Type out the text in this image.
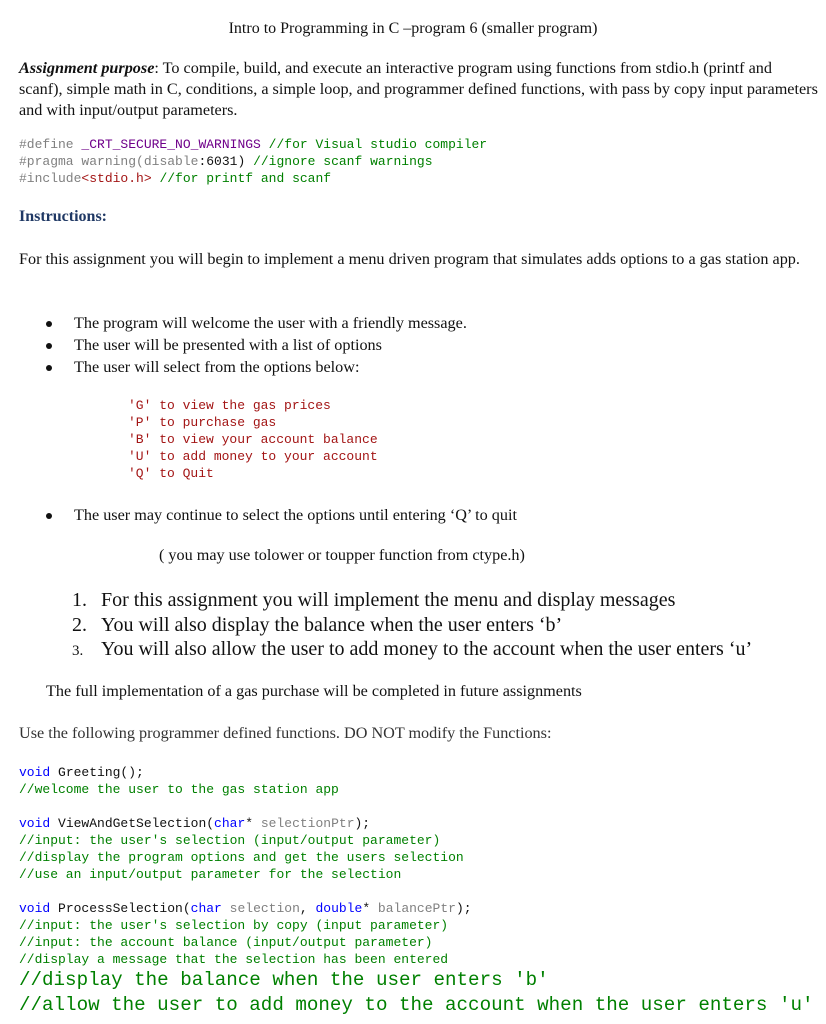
Intro to Programming in C –program 6 (smaller program)
Assignment purpose: To compile, build, and execute an interactive program using functions from stdio.h (printf and scanf), simple math in C, conditions, a simple loop, and programmer defined functions, with pass by copy input parameters and with input/output parameters.
#define _CRT_SECURE_NO_WARNINGS //for Visual studio compiler
#pragma warning(disable:6031) //ignore scanf warnings
#include<stdio.h> //for printf and scanf
Instructions:
For this assignment you will begin to implement a menu driven program that simulates adds options to a gas station app.
The program will welcome the user with a friendly message.
The user will be presented with a list of options
The user will select from the options below:
'G' to view the gas prices
'P' to purchase gas
'B' to view your account balance
'U' to add money to your account
'Q' to Quit
The user may continue to select the options until entering ‘Q’ to quit
( you may use tolower or toupper function from ctype.h)
1. For this assignment you will implement the menu and display messages
2. You will also display the balance when the user enters ‘b’
3. You will also allow the user to add money to the account when the user enters ‘u’
The full implementation of a gas purchase will be completed in future assignments
Use the following programmer defined functions. DO NOT modify the Functions:
void Greeting();
//welcome the user to the gas station app
void ViewAndGetSelection(char* selectionPtr);
//input: the user's selection (input/output parameter)
//display the program options and get the users selection
//use an input/output parameter for the selection
void ProcessSelection(char selection, double* balancePtr);
//input: the user's selection by copy (input parameter)
//input: the account balance (input/output parameter)
//display a message that the selection has been entered
//display the balance when the user enters 'b'
//allow the user to add money to the account when the user enters 'u'
